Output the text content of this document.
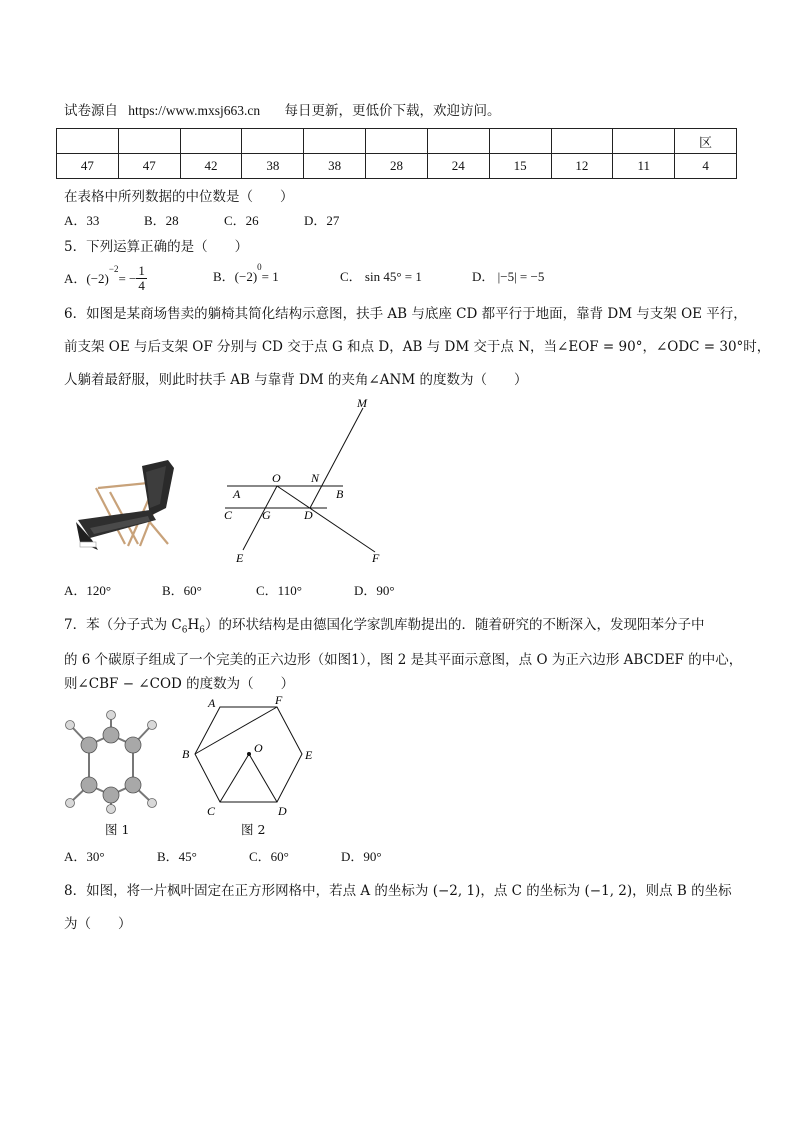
试卷源自 https://www.mxsj663.cn 每日更新，更低价下载，欢迎访问。
										区
47	47	42	38	38	28	24	15	12	11	4
在表格中所列数据的中位数是（　　）
A．33	B．28	C．26	D．27
5．下列运算正确的是（　　）
A．$(-2)^{-2}= - \frac{1}{4}$	B．$(-2)^0= 1$	C． sin 45° = 1	D． |−5| = −5
6．如图是某商场售卖的躺椅其简化结构示意图，扶手 AB 与底座 CD 都平行于地面，靠背 DM 与支架 OE 平行，
前支架 OE 与后支架 OF 分别与 CD 交于点 G 和点 D，AB 与 DM 交于点 N，当∠EOF = 90°，∠ODC = 30°时，
人躺着最舒服，则此时扶手 AB 与靠背 DM 的夹角∠ANM 的度数为（　　）
M
O	N
A	B
C G	D
E	F
A．120°	B．60°	C．110°	D．90°
7．苯（分子式为 $C_6H_6$）的环状结构是由德国化学家凯库勒提出的．随着研究的不断深入，发现阳苯分子中
的 6 个碳原子组成了一个完美的正六边形（如图1），图 2 是其平面示意图，点 O 为正六边形 ABCDEF 的中心，
则∠CBF − ∠COD 的度数为（　　）
图 1
A	F
B	O	E
C	D
图 2
A．30°	B．45°	C．60°	D．90°
8．如图，将一片枫叶固定在正方形网格中，若点 A 的坐标为 (−2, 1)，点 C 的坐标为 (−1, 2)，则点 B 的坐标
为（　　）
